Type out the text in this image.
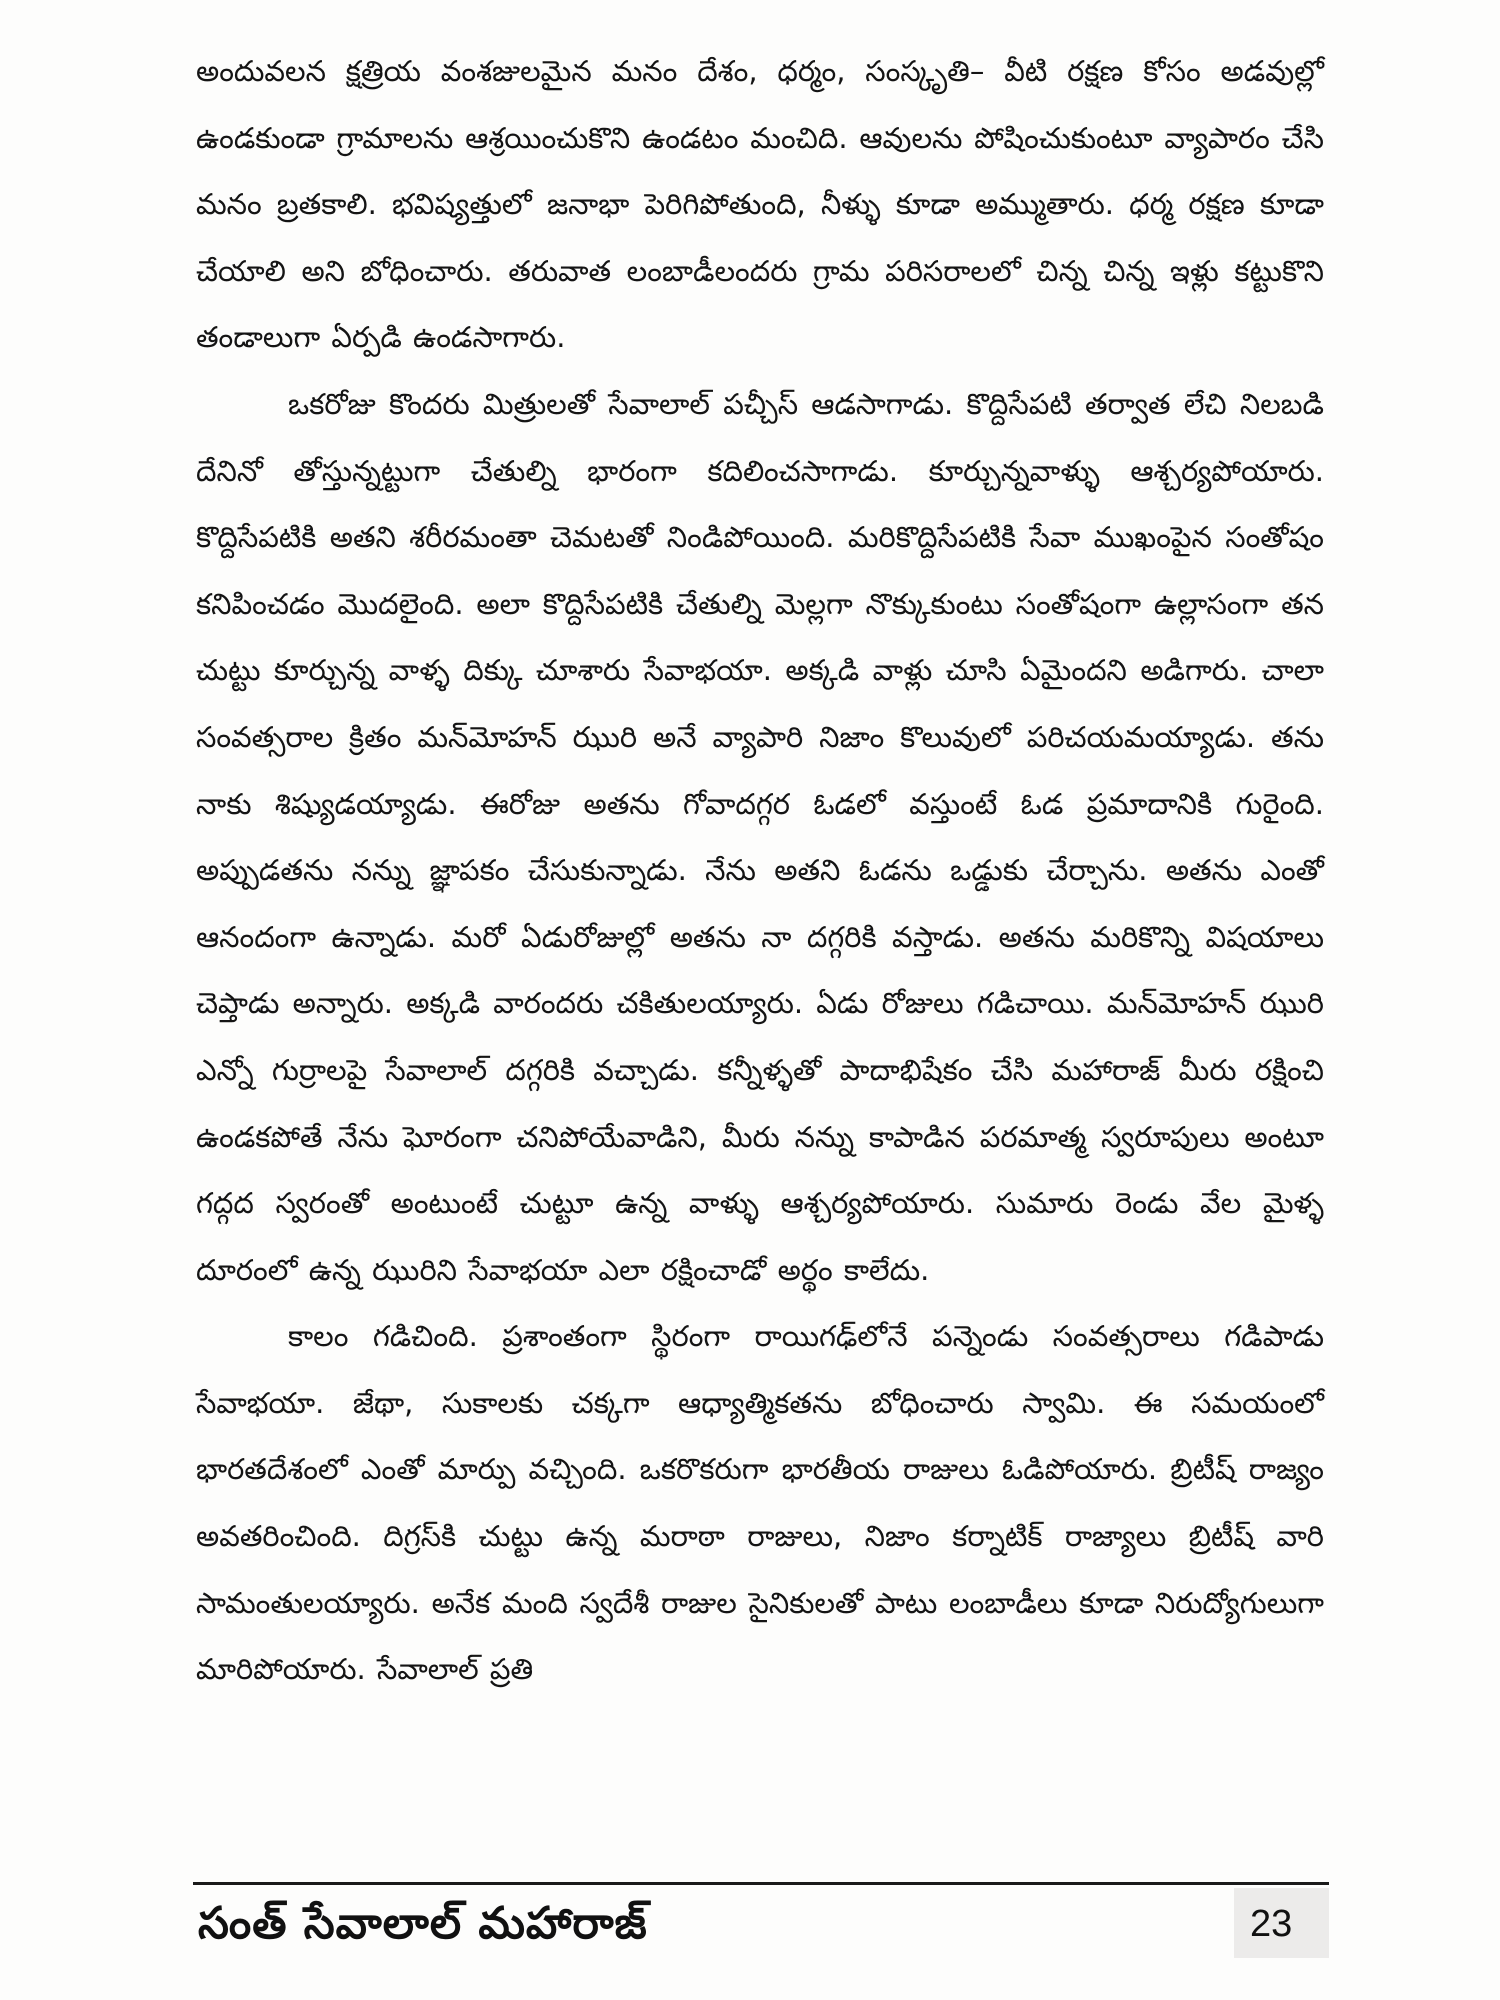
అందువలన క్షత్రియ వంశజులమైన మనం దేశం, ధర్మం, సంస్కృతి– వీటి రక్షణ కోసం అడవుల్లో ఉండకుండా గ్రామాలను ఆశ్రయించుకొని ఉండటం మంచిది. ఆవులను పోషించుకుంటూ వ్యాపారం చేసి మనం బ్రతకాలి. భవిష్యత్తులో జనాభా పెరిగిపోతుంది, నీళ్ళు కూడా అమ్ముతారు. ధర్మ రక్షణ కూడా చేయాలి అని బోధించారు. తరువాత లంబాడీలందరు గ్రామ పరిసరాలలో చిన్న చిన్న ఇళ్లు కట్టుకొని తండాలుగా ఏర్పడి ఉండసాగారు.

ఒకరోజు కొందరు మిత్రులతో సేవాలాల్ పచ్చీస్ ఆడసాగాడు. కొద్దిసేపటి తర్వాత లేచి నిలబడి దేనినో తోస్తున్నట్టుగా చేతుల్ని భారంగా కదిలించసాగాడు. కూర్చున్నవాళ్ళు ఆశ్చర్యపోయారు. కొద్దిసేపటికి అతని శరీరమంతా చెమటతో నిండిపోయింది. మరికొద్దిసేపటికి సేవా ముఖంపైన సంతోషం కనిపించడం మొదలైంది. అలా కొద్దిసేపటికి చేతుల్ని మెల్లగా నొక్కుకుంటు సంతోషంగా ఉల్లాసంగా తన చుట్టు కూర్చున్న వాళ్ళ దిక్కు చూశారు సేవాభయా. అక్కడి వాళ్లు చూసి ఏమైందని అడిగారు. చాలా సంవత్సరాల క్రితం మన్‌మోహన్ ఝురి అనే వ్యాపారి నిజాం కొలువులో పరిచయమయ్యాడు. తను నాకు శిష్యుడయ్యాడు. ఈరోజు అతను గోవాదగ్గర ఓడలో వస్తుంటే ఓడ ప్రమాదానికి గురైంది. అప్పుడతను నన్ను జ్ఞాపకం చేసుకున్నాడు. నేను అతని ఓడను ఒడ్డుకు చేర్చాను. అతను ఎంతో ఆనందంగా ఉన్నాడు. మరో ఏడురోజుల్లో అతను నా దగ్గరికి వస్తాడు. అతను మరికొన్ని విషయాలు చెప్తాడు అన్నారు. అక్కడి వారందరు చకితులయ్యారు. ఏడు రోజులు గడిచాయి. మన్‌మోహన్ ఝురి ఎన్నో గుర్రాలపై సేవాలాల్ దగ్గరికి వచ్చాడు. కన్నీళ్ళతో పాదాభిషేకం చేసి మహారాజ్ మీరు రక్షించి ఉండకపోతే నేను ఘోరంగా చనిపోయేవాడిని, మీరు నన్ను కాపాడిన పరమాత్మ స్వరూపులు అంటూ గద్గద స్వరంతో అంటుంటే చుట్టూ ఉన్న వాళ్ళు ఆశ్చర్యపోయారు. సుమారు రెండు వేల మైళ్ళ దూరంలో ఉన్న ఝురిని సేవాభయా ఎలా రక్షించాడో అర్థం కాలేదు.

కాలం గడిచింది. ప్రశాంతంగా స్థిరంగా రాయిగఢ్‌లోనే పన్నెండు సంవత్సరాలు గడిపాడు సేవాభయా. జేథా, సుకాలకు చక్కగా ఆధ్యాత్మికతను బోధించారు స్వామి. ఈ సమయంలో భారతదేశంలో ఎంతో మార్పు వచ్చింది. ఒకరొకరుగా భారతీయ రాజులు ఓడిపోయారు. బ్రిటీష్ రాజ్యం అవతరించింది. దిగ్రస్‌కి చుట్టు ఉన్న మరాఠా రాజులు, నిజాం కర్నాటిక్ రాజ్యాలు బ్రిటీష్ వారి సామంతులయ్యారు. అనేక మంది స్వదేశీ రాజుల సైనికులతో పాటు లంబాడీలు కూడా నిరుద్యోగులుగా మారిపోయారు. సేవాలాల్ ప్రతి

సంత్ సేవాలాల్ మహారాజ్	23
